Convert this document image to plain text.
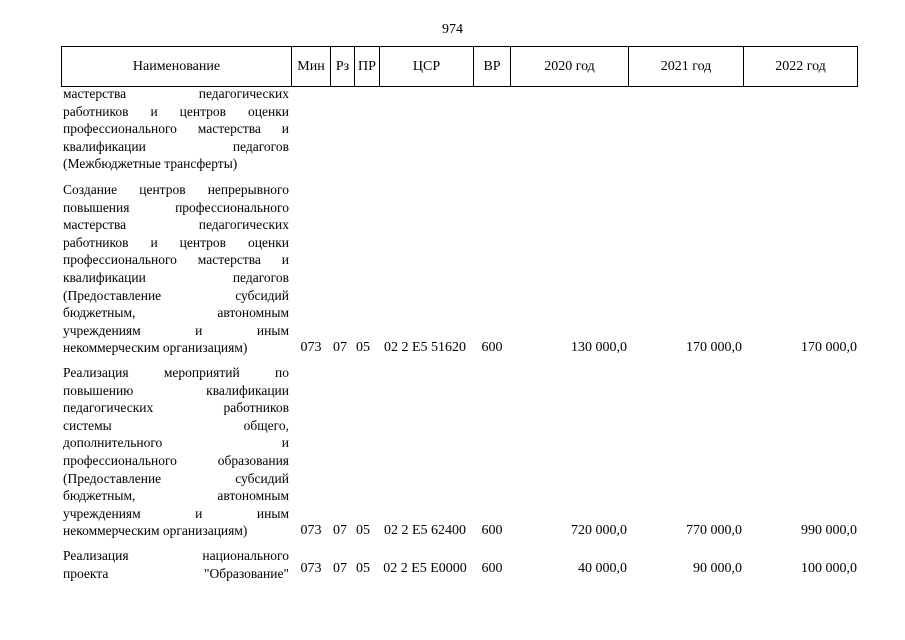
974
Наименование	Мин Рз ПР	ЦСР	ВР	2020 год	2021 год	2022 год
мастерства педагогических
работников и центров оценки
профессионального мастерства и
квалификации педагогов
(Межбюджетные трансферты)
Создание центров непрерывного
повышения профессионального
мастерства педагогических
работников и центров оценки
профессионального мастерства и
квалификации педагогов
(Предоставление субсидий
бюджетным, автономным
учреждениям и иным
некоммерческим организациям)	073 07 05 02 2 E5 51620	600	130 000,0	170 000,0	170 000,0
Реализация мероприятий по
повышению квалификации
педагогических работников
системы общего,
дополнительного и
профессионального образования
(Предоставление субсидий
бюджетным, автономным
учреждениям и иным
некоммерческим организациям)	073 07 05 02 2 E5 62400	600	720 000,0	770 000,0	990 000,0
Реализация национального
проекта "Образование" 073 07 05 02 2 E5 E0000	600	40 000,0	90 000,0	100 000,0
